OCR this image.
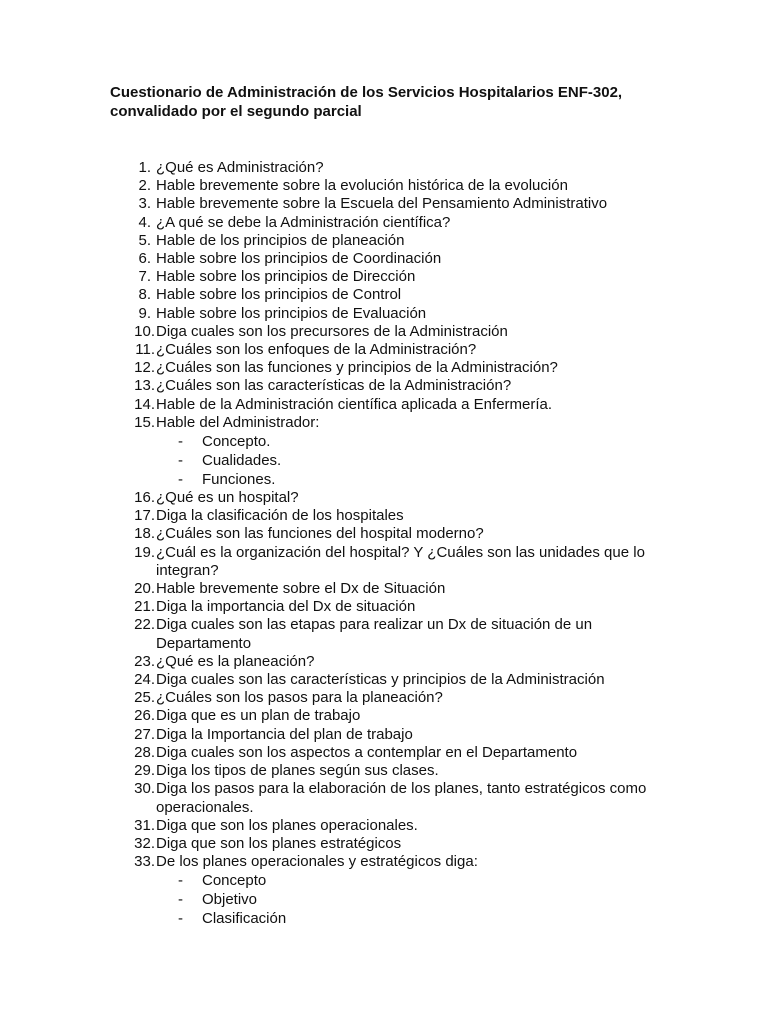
Cuestionario de Administración de los Servicios Hospitalarios ENF-302,
convalidado por el segundo parcial
1. ¿Qué es Administración?
2. Hable brevemente sobre la evolución histórica de la evolución
3. Hable brevemente sobre la Escuela del Pensamiento Administrativo
4. ¿A qué se debe la Administración científica?
5. Hable de los principios de planeación
6. Hable sobre los principios de Coordinación
7. Hable sobre los principios de Dirección
8. Hable sobre los principios de Control
9. Hable sobre los principios de Evaluación
10. Diga cuales son los precursores de la Administración
11. ¿Cuáles son los enfoques de la Administración?
12. ¿Cuáles son las funciones y principios de la Administración?
13. ¿Cuáles son las características de la Administración?
14. Hable de la Administración científica aplicada a Enfermería.
15. Hable del Administrador:
- Concepto.
- Cualidades.
- Funciones.
16. ¿Qué es un hospital?
17. Diga la clasificación de los hospitales
18. ¿Cuáles son las funciones del hospital moderno?
19. ¿Cuál es la organización del hospital? Y ¿Cuáles son las unidades que lo integran?
20. Hable brevemente sobre el Dx de Situación
21. Diga la importancia del Dx de situación
22. Diga cuales son las etapas para realizar un Dx de situación de un Departamento
23. ¿Qué es la planeación?
24. Diga cuales son las características y principios de la Administración
25. ¿Cuáles son los pasos para la planeación?
26. Diga que es un plan de trabajo
27. Diga la Importancia del plan de trabajo
28. Diga cuales son los aspectos a contemplar en el Departamento
29. Diga los tipos de planes según sus clases.
30. Diga los pasos para la elaboración de los planes, tanto estratégicos como operacionales.
31. Diga que son los planes operacionales.
32. Diga que son los planes estratégicos
33. De los planes operacionales y estratégicos diga:
- Concepto
- Objetivo
- Clasificación
